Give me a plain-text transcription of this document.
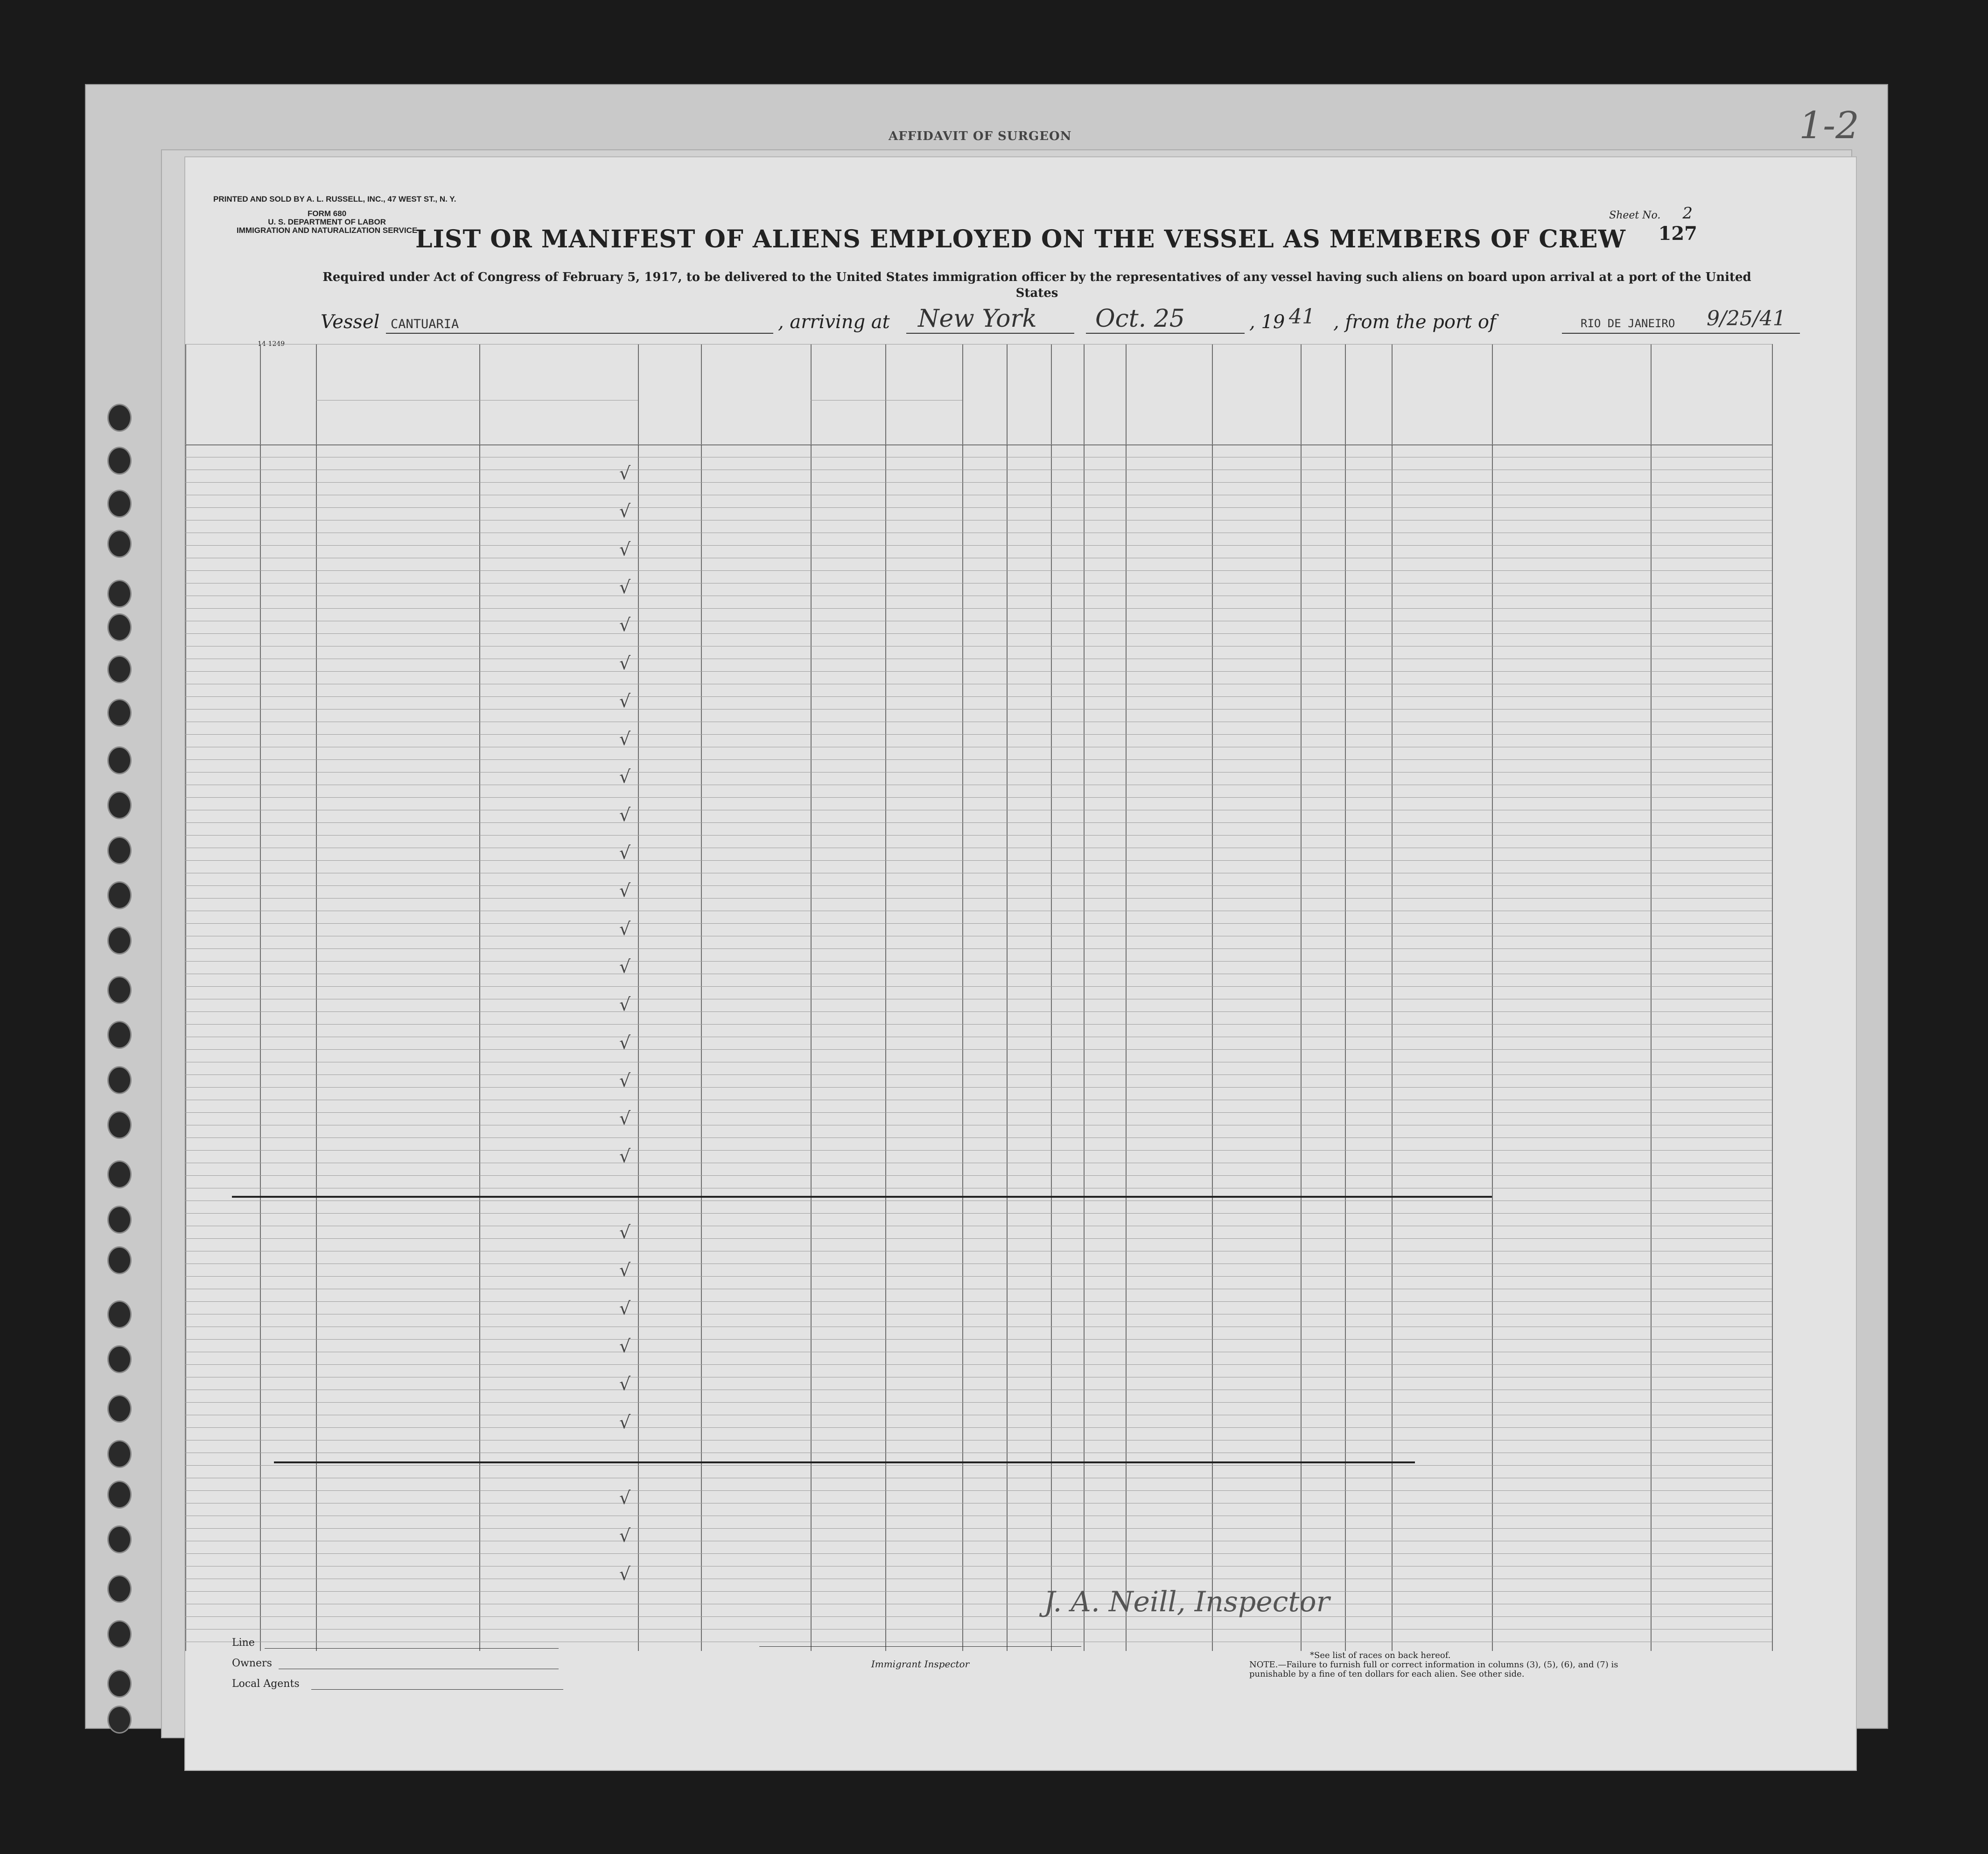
AFFIDAVIT OF SURGEON	1-2
PRINTED AND SOLD BY A. L. RUSSELL, INC., 47 WEST ST., N. Y.
FORM 680
U. S. DEPARTMENT OF LABOR
IMMIGRATION AND NATURALIZATION SERVICE
Sheet No. 2
127
LIST OR MANIFEST OF ALIENS EMPLOYED ON THE VESSEL AS MEMBERS OF CREW
Required under Act of Congress of February 5, 1917, to be delivered to the United States immigration officer by the representatives of any vessel having such aliens on board upon arrival at a port of the United States
Vessel CANTUARIA	, arriving at New York Oct. 25	, 19 41 , from the port of	RIO DE JANEIRO 9/25/41
14-1249
√
√
√
√
√
√
√
√
√
√
√
√
√
√
√
√
√
√
√
√
√
√
√
√
√
√
√
√
J. A. Neill, Inspector
Line
Owners
Local Agents
Immigrant Inspector
*See list of races on back hereof.
NOTE.—Failure to furnish full or correct information in columns (3), (5), (6), and (7) is punishable by a fine of ten dollars for each alien. See other side.
